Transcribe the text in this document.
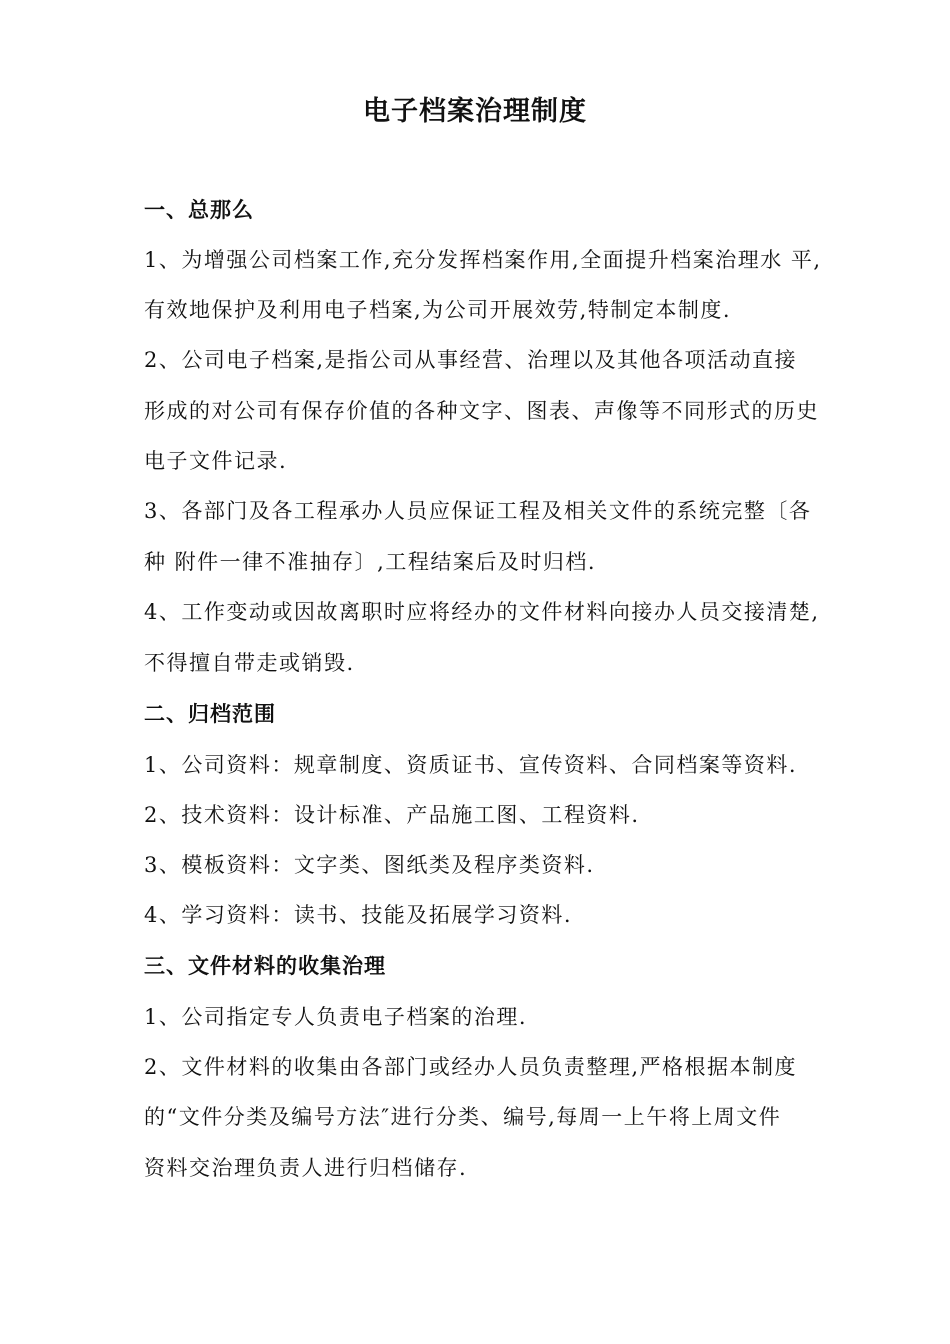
电子档案治理制度
一、总那么
1、为增强公司档案工作,充分发挥档案作用,全面提升档案治理水 平,
有效地保护及利用电子档案,为公司开展效劳,特制定本制度.
2、公司电子档案,是指公司从事经营、治理以及其他各项活动直接
形成的对公司有保存价值的各种文字、图表、声像等不同形式的历史
电子文件记录.
3、各部门及各工程承办人员应保证工程及相关文件的系统完整〔各
种 附件一律不准抽存〕,工程结案后及时归档.
4、工作变动或因故离职时应将经办的文件材料向接办人员交接清楚,
不得擅自带走或销毁.
二、归档范围
1、公司资料：规章制度、资质证书、宣传资料、合同档案等资料.
2、技术资料：设计标准、产品施工图、工程资料.
3、模板资料：文字类、图纸类及程序类资料.
4、学习资料：读书、技能及拓展学习资料.
三、文件材料的收集治理
1、公司指定专人负责电子档案的治理.
2、文件材料的收集由各部门或经办人员负责整理,严格根据本制度
的“文件分类及编号方法″进行分类、编号,每周一上午将上周文件
资料交治理负责人进行归档储存.
